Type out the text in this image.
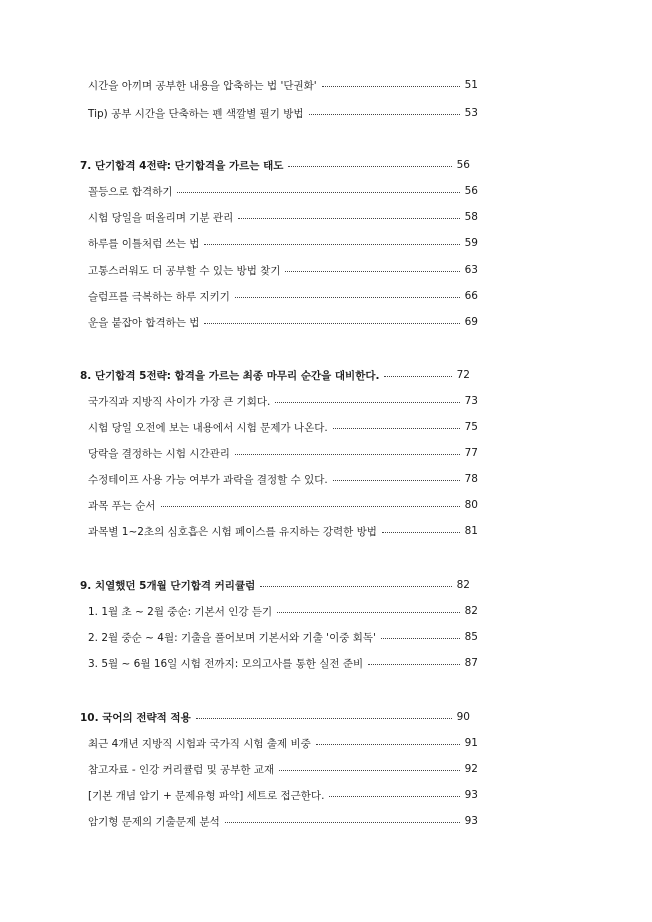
시간을 아끼며 공부한 내용을 압축하는 법 '단권화'	51
Tip) 공부 시간을 단축하는 펜 색깔별 필기 방법	53
7. 단기합격 4전략: 단기합격을 가르는 태도	56
꼴등으로 합격하기	56
시험 당일을 떠올리며 기분 관리	58
하루를 이틀처럼 쓰는 법	59
고통스러워도 더 공부할 수 있는 방법 찾기	63
슬럼프를 극복하는 하루 지키기	66
운을 붙잡아 합격하는 법	69
8. 단기합격 5전략: 합격을 가르는 최종 마무리 순간을 대비한다.	72
국가직과 지방직 사이가 가장 큰 기회다.	73
시험 당일 오전에 보는 내용에서 시험 문제가 나온다.	75
당락을 결정하는 시험 시간관리	77
수정테이프 사용 가능 여부가 과락을 결정할 수 있다.	78
과목 푸는 순서	80
과목별 1~2초의 심호흡은 시험 페이스를 유지하는 강력한 방법	81
9. 치열했던 5개월 단기합격 커리큘럼	82
1. 1월 초 ~ 2월 중순: 기본서 인강 듣기	82
2. 2월 중순 ~ 4월: 기출을 풀어보며 기본서와 기출 '이중 회독'	85
3. 5월 ~ 6월 16일 시험 전까지: 모의고사를 통한 실전 준비	87
10. 국어의 전략적 적용	90
최근 4개년 지방직 시험과 국가직 시험 출제 비중	91
참고자료 - 인강 커리큘럼 및 공부한 교재	92
[기본 개념 암기 + 문제유형 파악] 세트로 접근한다.	93
암기형 문제의 기출문제 분석	93
